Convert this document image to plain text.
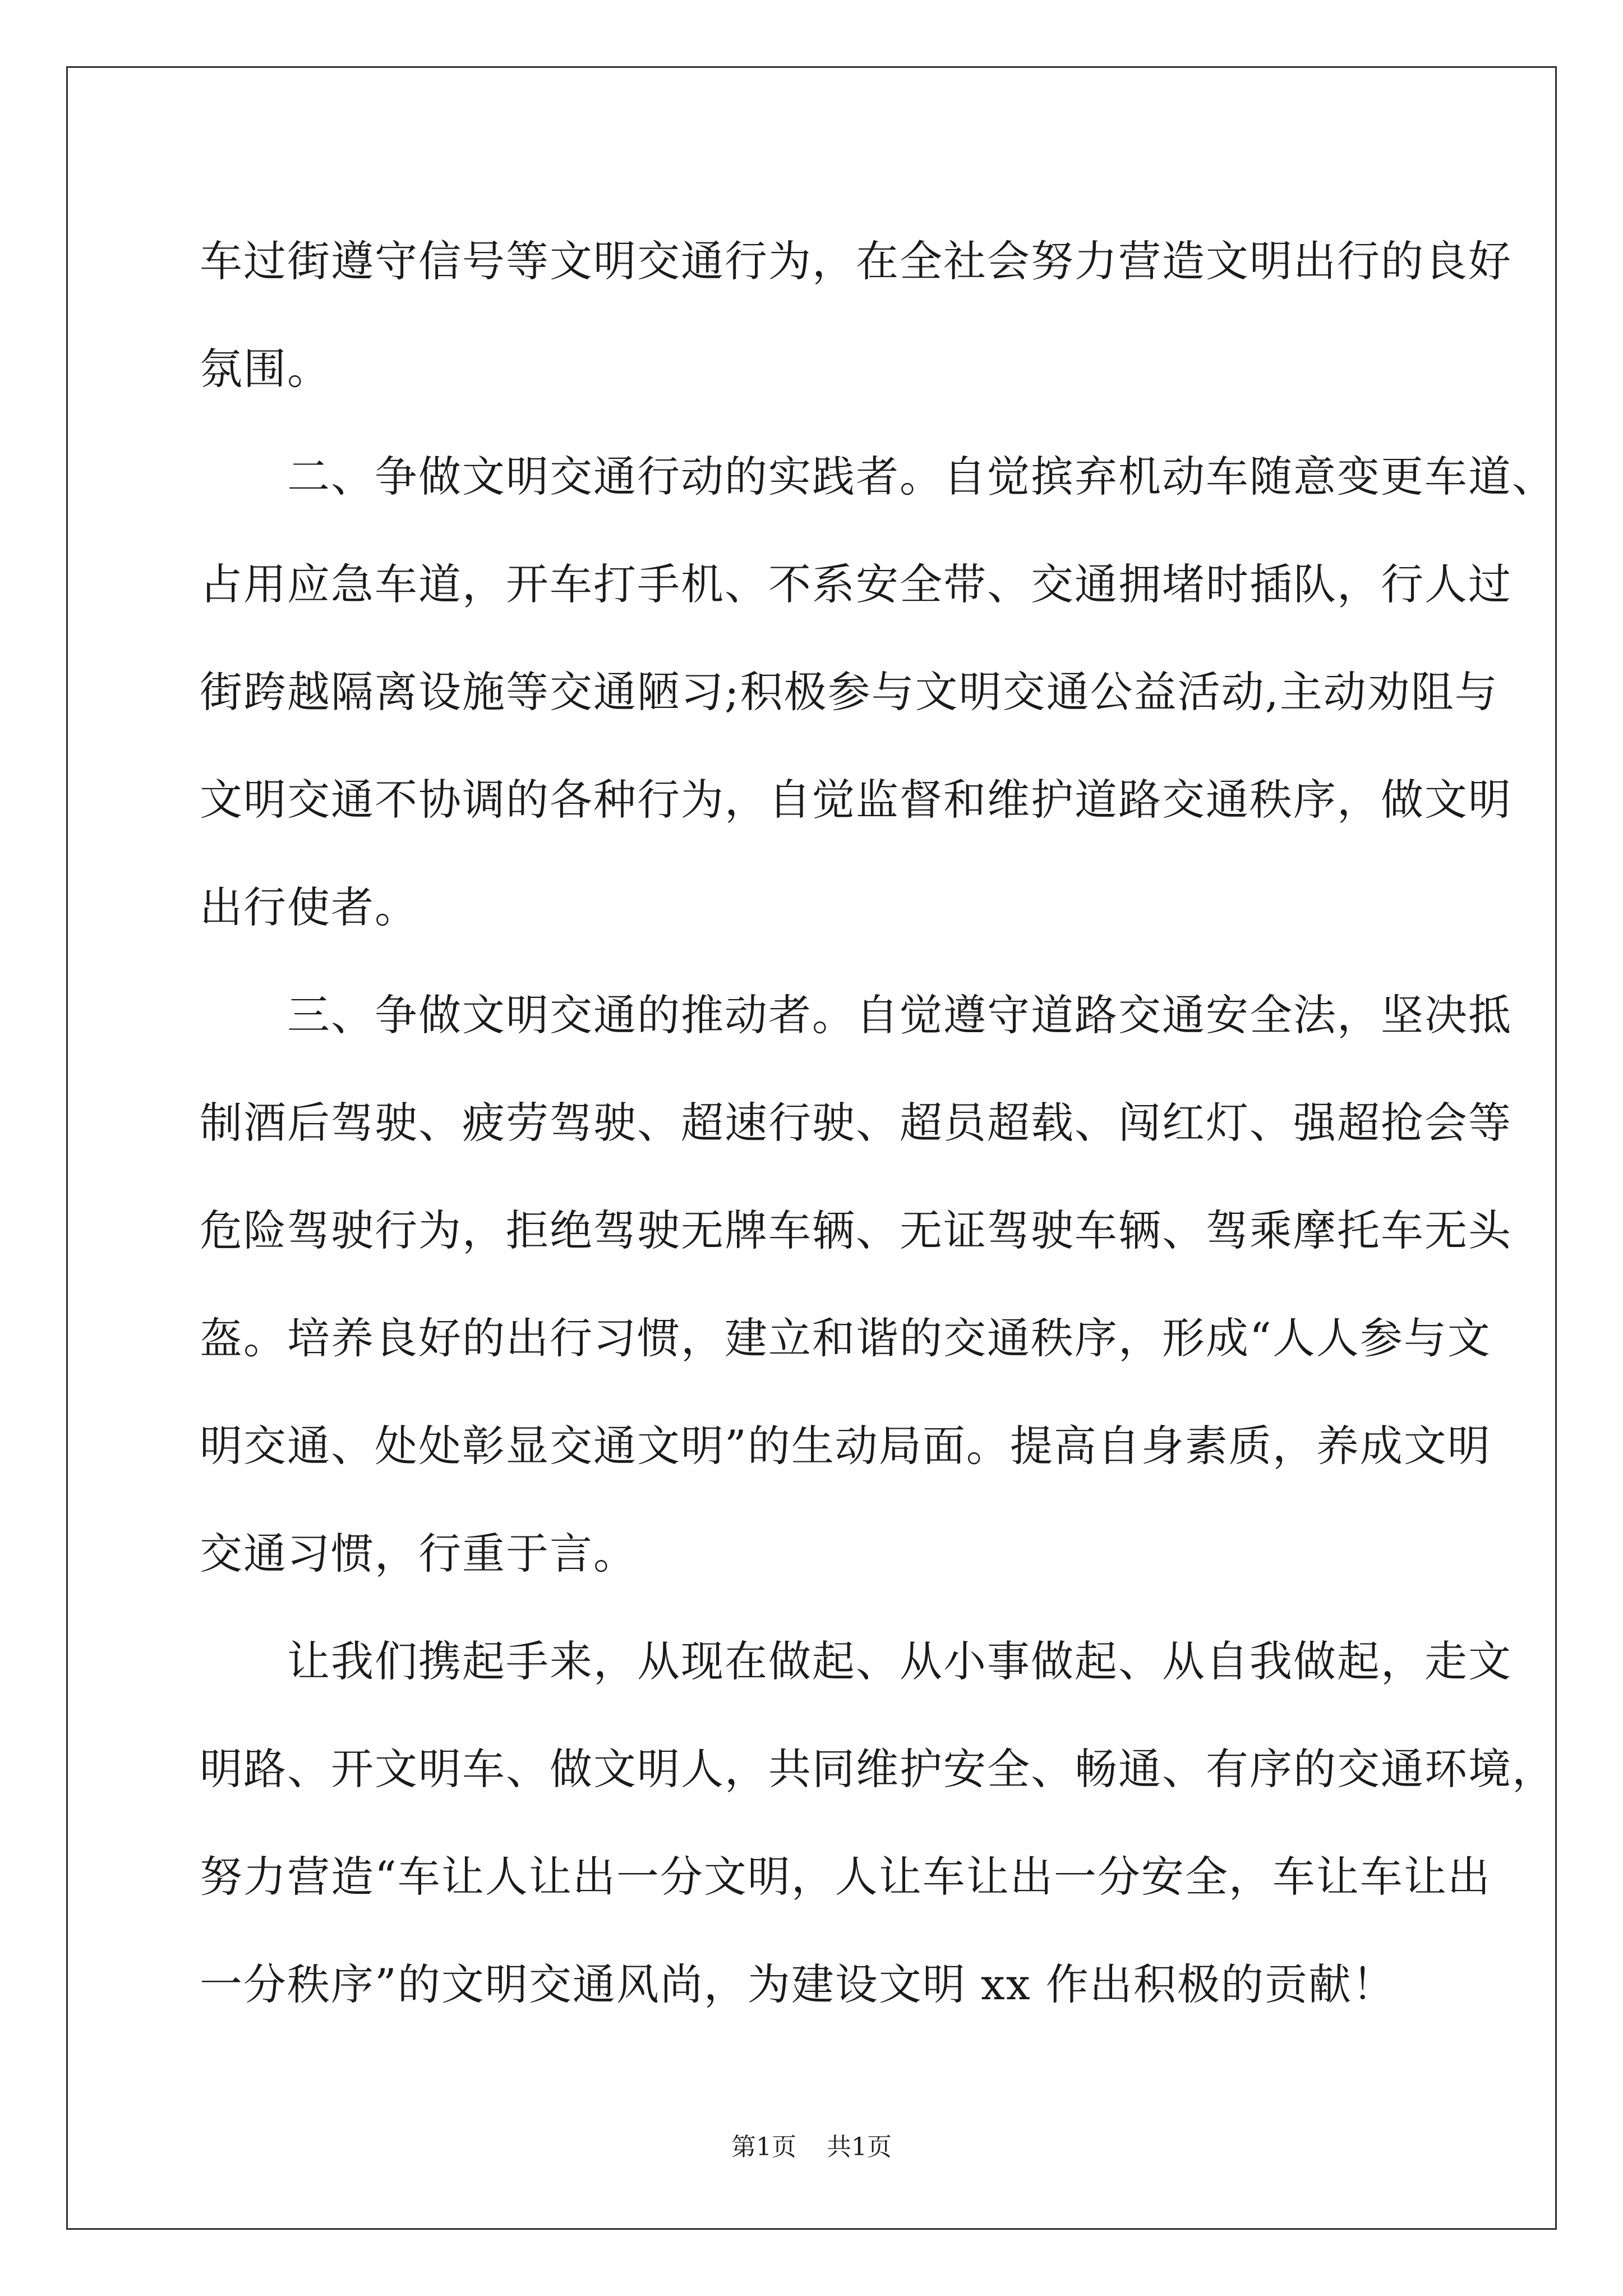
车过街遵守信号等文明交通行为，在全社会努力营造文明出行的良好
氛围。
　　二、争做文明交通行动的实践者。自觉摈弃机动车随意变更车道、
占用应急车道，开车打手机、不系安全带、交通拥堵时插队，行人过
街跨越隔离设施等交通陋习;积极参与文明交通公益活动,主动劝阻与
文明交通不协调的各种行为，自觉监督和维护道路交通秩序，做文明
出行使者。
　　三、争做文明交通的推动者。自觉遵守道路交通安全法，坚决抵
制酒后驾驶、疲劳驾驶、超速行驶、超员超载、闯红灯、强超抢会等
危险驾驶行为，拒绝驾驶无牌车辆、无证驾驶车辆、驾乘摩托车无头
盔。培养良好的出行习惯，建立和谐的交通秩序，形成“人人参与文
明交通、处处彰显交通文明”的生动局面。提高自身素质，养成文明
交通习惯，行重于言。
　　让我们携起手来，从现在做起、从小事做起、从自我做起，走文
明路、开文明车、做文明人，共同维护安全、畅通、有序的交通环境，
努力营造“车让人让出一分文明，人让车让出一分安全，车让车让出
一分秩序”的文明交通风尚，为建设文明 xx 作出积极的贡献！
第1页 共1页
